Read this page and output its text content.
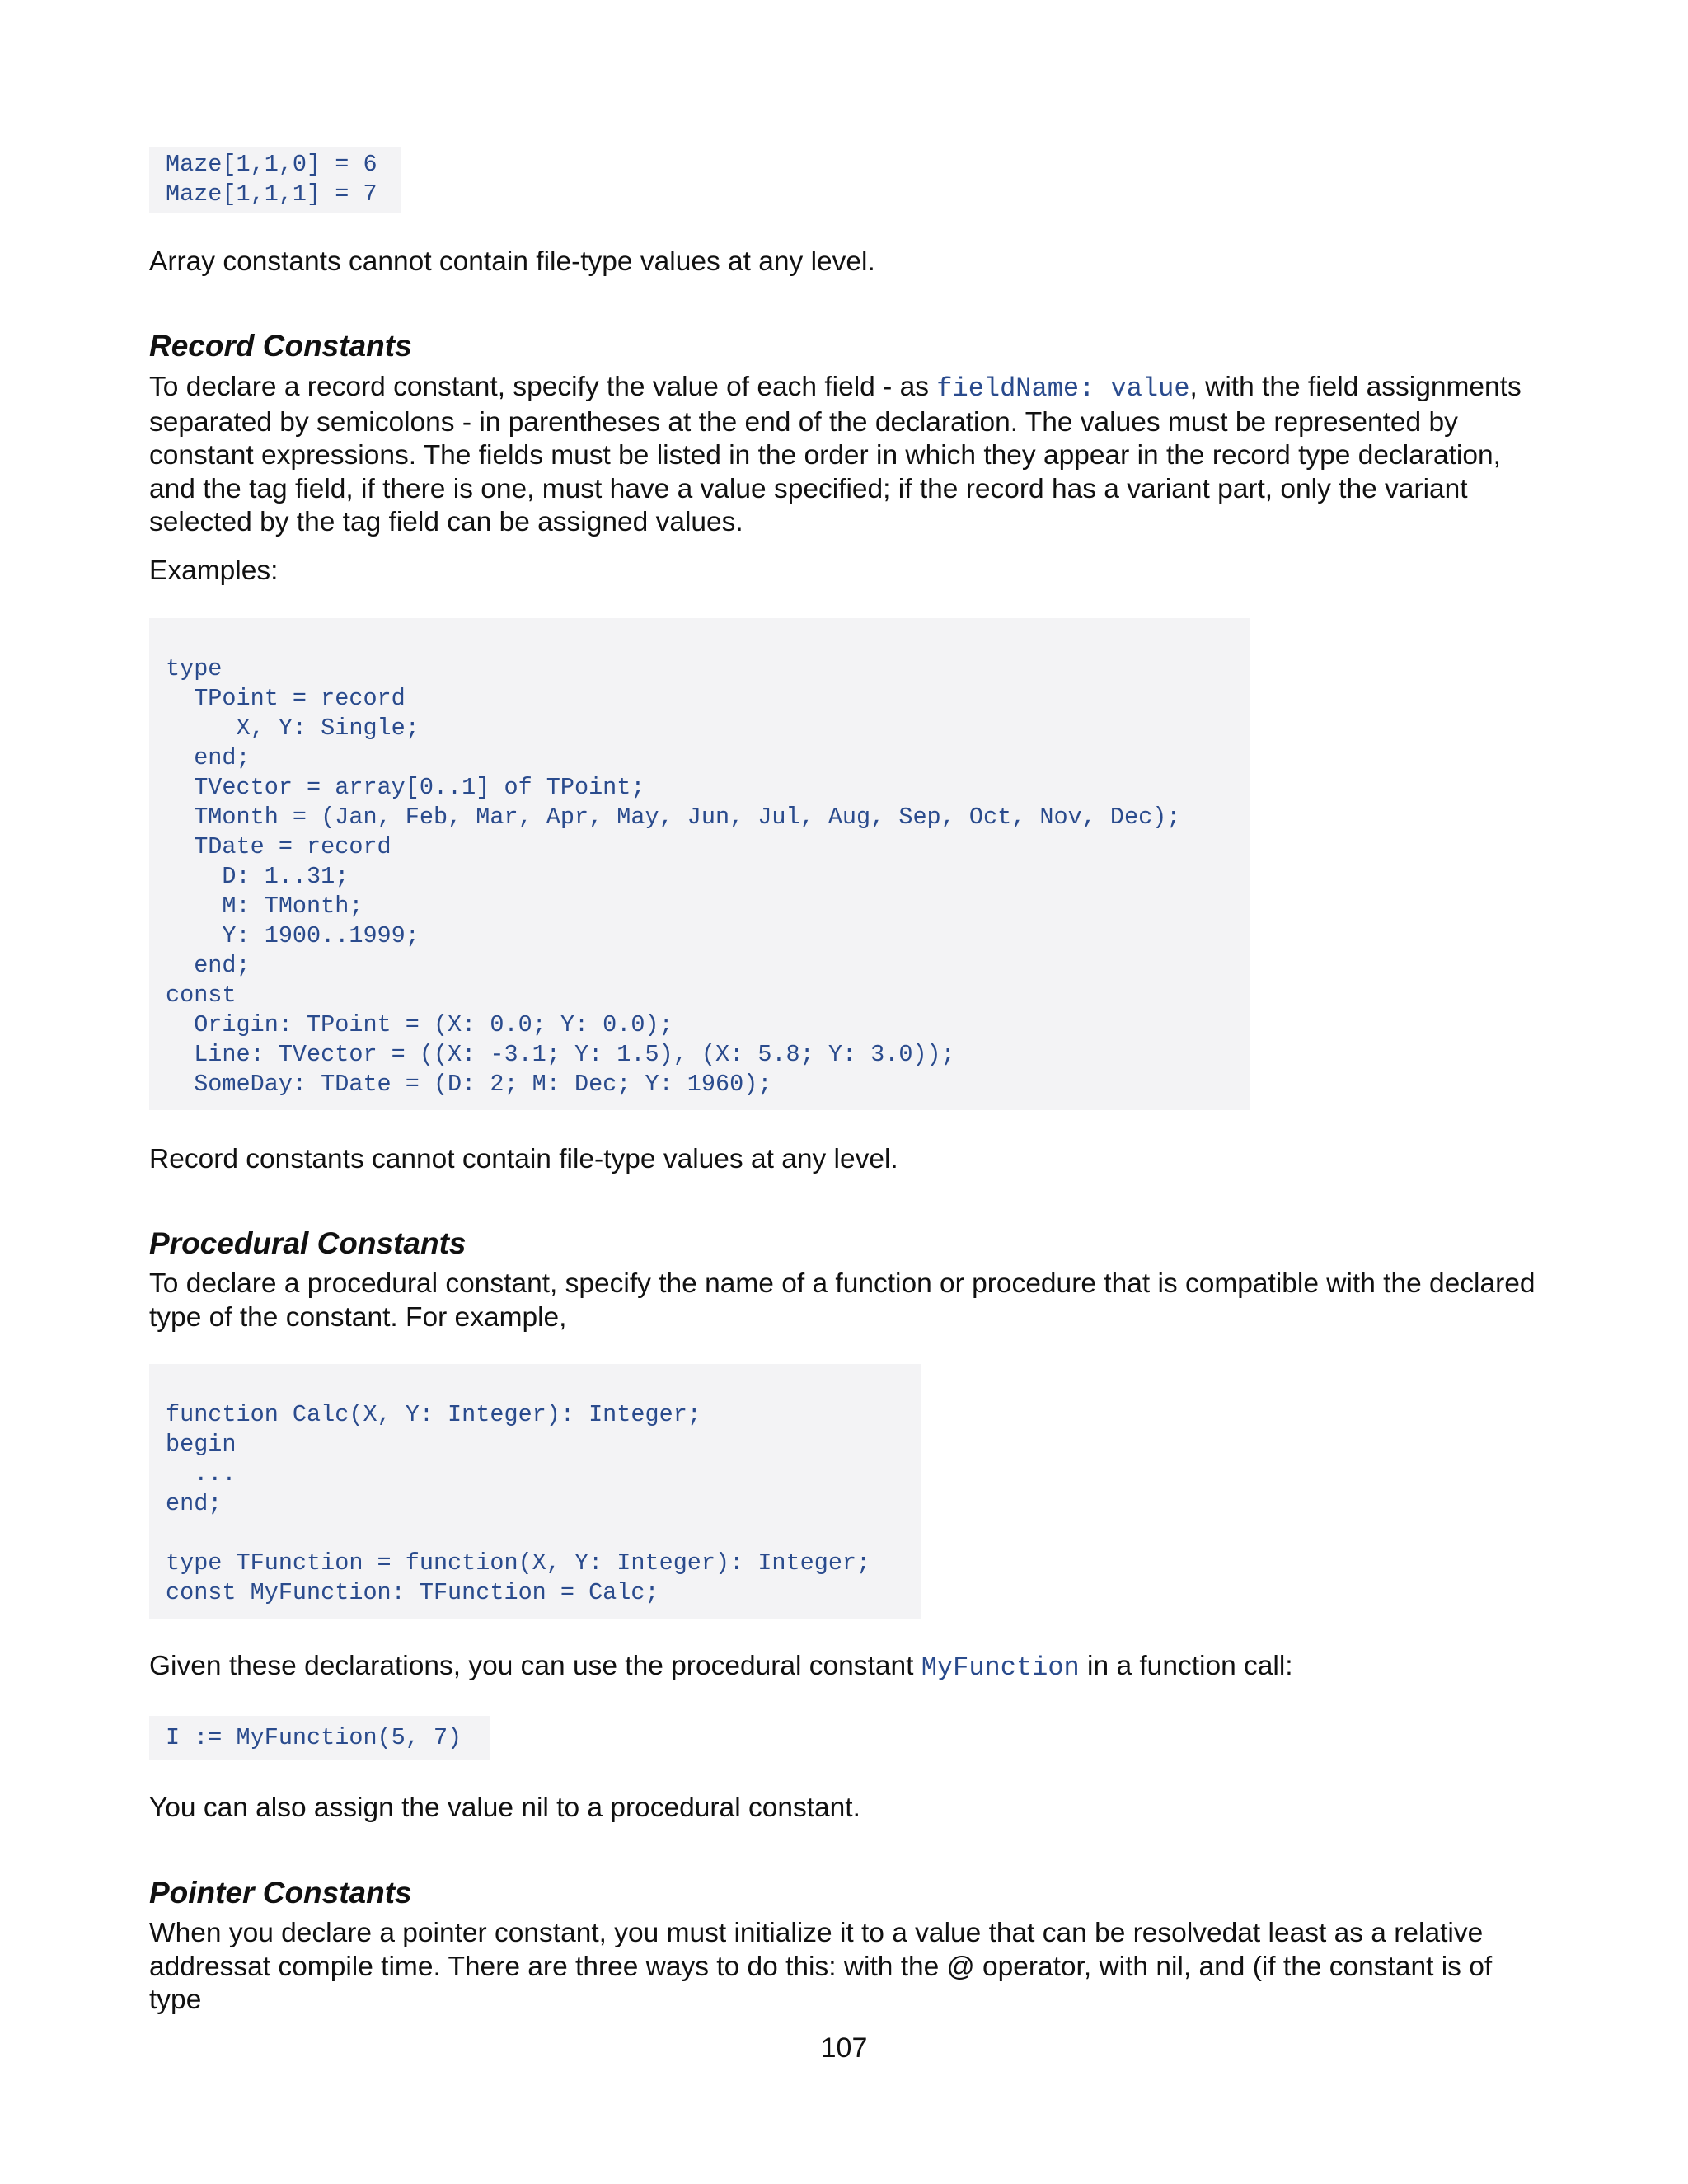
Maze[1,1,0] = 6
Maze[1,1,1] = 7

Array constants cannot contain file-type values at any level.

Record Constants

To declare a record constant, specify the value of each field - as fieldName: value, with the field assignments separated by semicolons - in parentheses at the end of the declaration. The values must be represented by constant expressions. The fields must be listed in the order in which they appear in the record type declaration, and the tag field, if there is one, must have a value specified; if the record has a variant part, only the variant selected by the tag field can be assigned values.

Examples:

type
TPoint = record
X, Y: Single;
end;
TVector = array[0..1] of TPoint;
TMonth = (Jan, Feb, Mar, Apr, May, Jun, Jul, Aug, Sep, Oct, Nov, Dec);
TDate = record
D: 1..31;
M: TMonth;
Y: 1900..1999;
end;
const
Origin: TPoint = (X: 0.0; Y: 0.0);
Line: TVector = ((X: -3.1; Y: 1.5), (X: 5.8; Y: 3.0));
SomeDay: TDate = (D: 2; M: Dec; Y: 1960);

Record constants cannot contain file-type values at any level.

Procedural Constants

To declare a procedural constant, specify the name of a function or procedure that is compatible with the declared type of the constant. For example,

function Calc(X, Y: Integer): Integer;
begin
...
end;

type TFunction = function(X, Y: Integer): Integer;
const MyFunction: TFunction = Calc;

Given these declarations, you can use the procedural constant MyFunction in a function call:

I := MyFunction(5, 7)

You can also assign the value nil to a procedural constant.

Pointer Constants

When you declare a pointer constant, you must initialize it to a value that can be resolvedat least as a relative addressat compile time. There are three ways to do this: with the @ operator, with nil, and (if the constant is of type

107
